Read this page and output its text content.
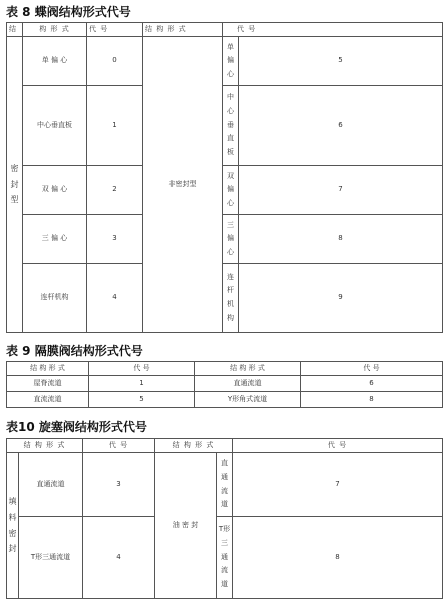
表 8 蝶阀结构形式代号
结	构 形 式	代 号	结 构 形 式	代 号	
密
封
型	单 偏 心	0	非密封型	单
偏
心	5
	中心垂直板	1		中
心
垂
直
板	6
	双 偏 心	2		双
偏
心	7
	三 偏 心	3		三
偏
心	8
	连杆机构	4		连
杆
机
构	9
表 9 隔膜阀结构形式代号
结 构 形 式	代 号	结 构 形 式	代 号
屋脊流道	1	直通流道	6
直流流道	5	Y形角式流道	8
表10 旋塞阀结构形式代号
结 构 形 式		代 号	结 构 形 式		代 号
填
料
密
封	直通流道	3	油 密 封	直
通
流
道	7
	T形三通流道	4		T形
三
通
流
道	8
